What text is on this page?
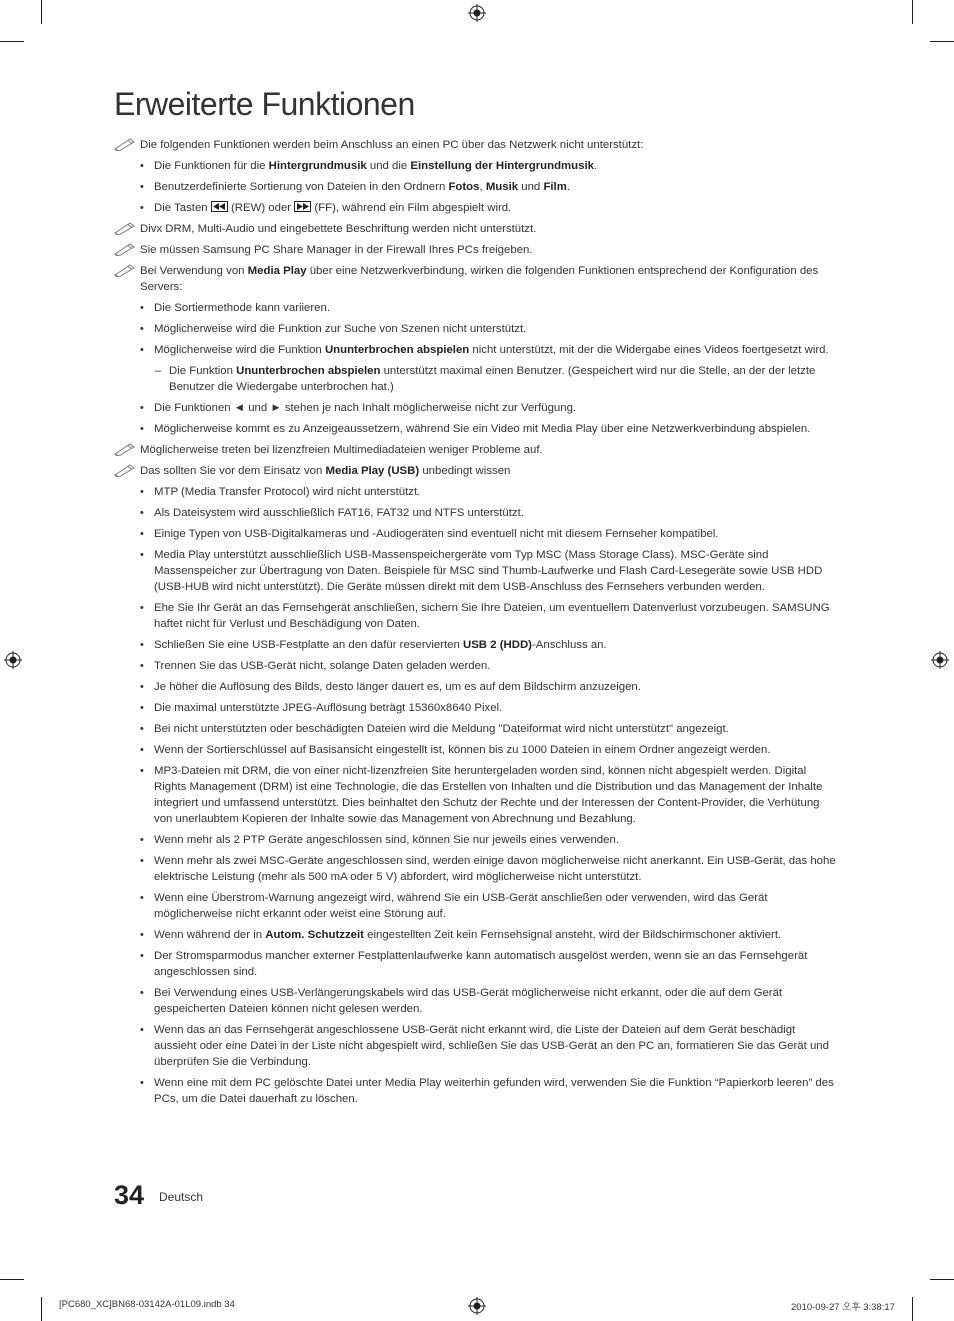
Erweiterte Funktionen
Die folgenden Funktionen werden beim Anschluss an einen PC über das Netzwerk nicht unterstützt:
• Die Funktionen für die Hintergrundmusik und die Einstellung der Hintergrundmusik.
• Benutzerdefinierte Sortierung von Dateien in den Ordnern Fotos, Musik und Film.
• Die Tasten
(REW) oder
(FF), während ein Film abgespielt wird.
Divx DRM, Multi-Audio und eingebettete Beschriftung werden nicht unterstützt.
Sie müssen Samsung PC Share Manager in der Firewall Ihres PCs freigeben.
Bei Verwendung von Media Play über eine Netzwerkverbindung, wirken die folgenden Funktionen entsprechend der Konfiguration des Servers:
• Die Sortiermethode kann variieren.
• Möglicherweise wird die Funktion zur Suche von Szenen nicht unterstützt.
• Möglicherweise wird die Funktion Ununterbrochen abspielen nicht unterstützt, mit der die Widergabe eines Videos foertgesetzt wird.
– Die Funktion Ununterbrochen abspielen unterstützt maximal einen Benutzer. (Gespeichert wird nur die Stelle, an der der letzte Benutzer die Wiedergabe unterbrochen hat.)
• Die Funktionen ◄ und ► stehen je nach Inhalt möglicherweise nicht zur Verfügung.
• Möglicherweise kommt es zu Anzeigeaussetzern, während Sie ein Video mit Media Play über eine Netzwerkverbindung abspielen.
Möglicherweise treten bei lizenzfreien Multimediadateien weniger Probleme auf.
Das sollten Sie vor dem Einsatz von Media Play (USB) unbedingt wissen
• MTP (Media Transfer Protocol) wird nicht unterstützt.
• Als Dateisystem wird ausschließlich FAT16, FAT32 und NTFS unterstützt.
• Einige Typen von USB-Digitalkameras und -Audiogeräten sind eventuell nicht mit diesem Fernseher kompatibel.
• Media Play unterstützt ausschließlich USB-Massenspeichergeräte vom Typ MSC (Mass Storage Class). MSC-Geräte sind Massenspeicher zur Übertragung von Daten. Beispiele für MSC sind Thumb-Laufwerke und Flash Card-Lesegeräte sowie USB HDD (USB-HUB wird nicht unterstützt). Die Geräte müssen direkt mit dem USB-Anschluss des Fernsehers verbunden werden.
• Ehe Sie Ihr Gerät an das Fernsehgerät anschließen, sichern Sie Ihre Dateien, um eventuellem Datenverlust vorzubeugen. SAMSUNG haftet nicht für Verlust und Beschädigung von Daten.
• Schließen Sie eine USB-Festplatte an den dafür reservierten USB 2 (HDD)-Anschluss an.
• Trennen Sie das USB-Gerät nicht, solange Daten geladen werden.
• Je höher die Auflösung des Bilds, desto länger dauert es, um es auf dem Bildschirm anzuzeigen.
• Die maximal unterstützte JPEG-Auflösung beträgt 15360x8640 Pixel.
• Bei nicht unterstützten oder beschädigten Dateien wird die Meldung "Dateiformat wird nicht unterstützt" angezeigt.
• Wenn der Sortierschlüssel auf Basisansicht eingestellt ist, können bis zu 1000 Dateien in einem Ordner angezeigt werden.
• MP3-Dateien mit DRM, die von einer nicht-lizenzfreien Site heruntergeladen worden sind, können nicht abgespielt werden. Digital Rights Management (DRM) ist eine Technologie, die das Erstellen von Inhalten und die Distribution und das Management der Inhalte integriert und umfassend unterstützt. Dies beinhaltet den Schutz der Rechte und der Interessen der Content-Provider, die Verhütung von unerlaubtem Kopieren der Inhalte sowie das Management von Abrechnung und Bezahlung.
• Wenn mehr als 2 PTP Geräte angeschlossen sind, können Sie nur jeweils eines verwenden.
• Wenn mehr als zwei MSC-Geräte angeschlossen sind, werden einige davon möglicherweise nicht anerkannt. Ein USB-Gerät, das hohe elektrische Leistung (mehr als 500 mA oder 5 V) abfordert, wird möglicherweise nicht unterstützt.
• Wenn eine Überstrom-Warnung angezeigt wird, während Sie ein USB-Gerät anschließen oder verwenden, wird das Gerät möglicherweise nicht erkannt oder weist eine Störung auf.
• Wenn während der in Autom. Schutzzeit eingestellten Zeit kein Fernsehsignal ansteht, wird der Bildschirmschoner aktiviert.
• Der Stromsparmodus mancher externer Festplattenlaufwerke kann automatisch ausgelöst werden, wenn sie an das Fernsehgerät angeschlossen sind.
• Bei Verwendung eines USB-Verlängerungskabels wird das USB-Gerät möglicherweise nicht erkannt, oder die auf dem Gerät gespeicherten Dateien können nicht gelesen werden.
• Wenn das an das Fernsehgerät angeschlossene USB-Gerät nicht erkannt wird, die Liste der Dateien auf dem Gerät beschädigt aussieht oder eine Datei in der Liste nicht abgespielt wird, schließen Sie das USB-Gerät an den PC an, formatieren Sie das Gerät und überprüfen Sie die Verbindung.
• Wenn eine mit dem PC gelöschte Datei unter Media Play weiterhin gefunden wird, verwenden Sie die Funktion “Papierkorb leeren” des PCs, um die Datei dauerhaft zu löschen.
34 Deutsch
[PC680_XC]BN68-03142A-01L09.indb 34	2010-09-27 오후 3:38:17
